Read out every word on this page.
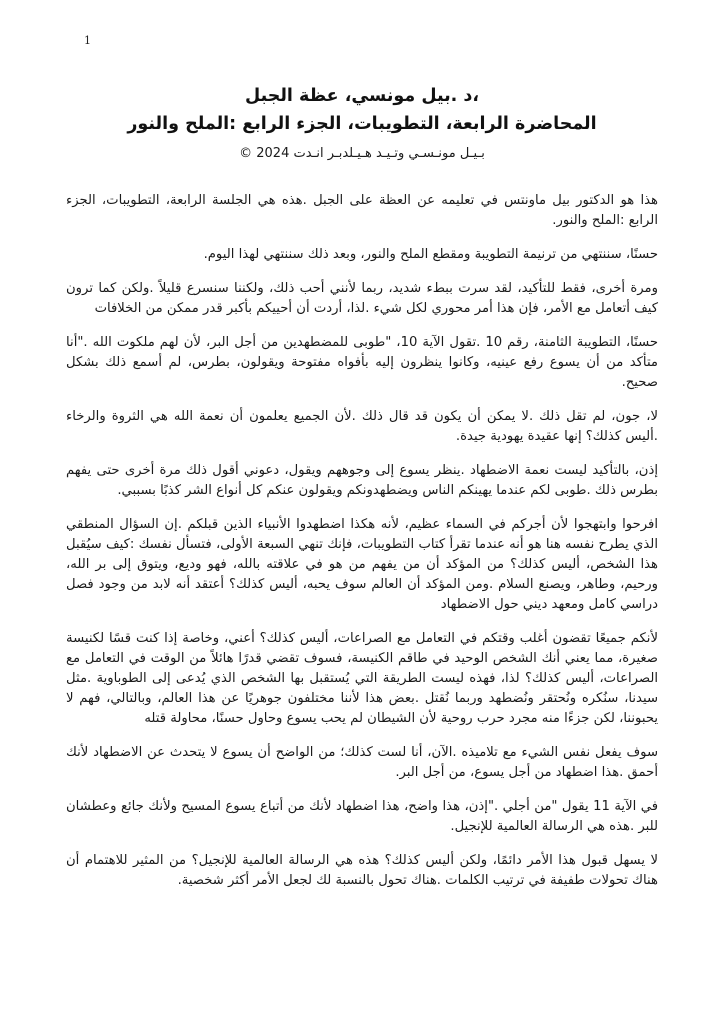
1
،د .بيل مونسي، عظة الجبل
المحاضرة الرابعة، التطويبات، الجزء الرابع :الملح والنور
بـيـل مونـسـي وتـيـد هـيـلدبـر انـدت 2024 ©

هذا هو الدكتور بيل ماونتس في تعليمه عن العظة على الجبل .هذه هي الجلسة الرابعة، التطويبات، الجزء الرابع :الملح والنور.

حسنًا، سننتهي من ترنيمة التطويبة ومقطع الملح والنور، وبعد ذلك سننتهي لهذا اليوم.

ومرة أخرى، فقط للتأكيد، لقد سرت ببطء شديد، ربما لأنني أحب ذلك، ولكننا سنسرع قليلاً .ولكن كما ترون كيف أتعامل مع الأمر، فإن هذا أمر محوري لكل شيء .لذا، أردت أن أحييكم بأكبر قدر ممكن من الخلافات

حسنًا، التطويبة الثامنة، رقم 10 .تقول الآية 10، "طوبى للمضطهدين من أجل البر، لأن لهم ملكوت الله ."أنا متأكد من أن يسوع رفع عينيه، وكانوا ينظرون إليه بأفواه مفتوحة ويقولون، بطرس، لم أسمع ذلك بشكل صحيح.

لا، جون، لم تقل ذلك .لا يمكن أن يكون قد قال ذلك .لأن الجميع يعلمون أن نعمة الله هي الثروة والرخاء .أليس كذلك؟ إنها عقيدة يهودية جيدة.

إذن، بالتأكيد ليست نعمة الاضطهاد .ينظر يسوع إلى وجوههم ويقول، دعوني أقول ذلك مرة أخرى حتى يفهم بطرس ذلك .طوبى لكم عندما يهينكم الناس ويضطهدونكم ويقولون عنكم كل أنواع الشر كذبًا بسببي.

افرحوا وابتهجوا لأن أجركم في السماء عظيم، لأنه هكذا اضطهدوا الأنبياء الذين قبلكم .إن السؤال المنطقي الذي يطرح نفسه هنا هو أنه عندما تقرأ كتاب التطويبات، فإنك تنهي السبعة الأولى، فتسأل نفسك :كيف سيُقبل هذا الشخص، أليس كذلك؟ من المؤكد أن من يفهم من هو في علاقته بالله، فهو وديع، ويتوق إلى بر الله، ورحيم، وطاهر، ويصنع السلام .ومن المؤكد أن العالم سوف يحبه، أليس كذلك؟ أعتقد أنه لابد من وجود فصل دراسي كامل ومعهد ديني حول الاضطهاد

لأنكم جميعًا تقضون أغلب وقتكم في التعامل مع الصراعات، أليس كذلك؟ أعني، وخاصة إذا كنت قسًا لكنيسة صغيرة، مما يعني أنك الشخص الوحيد في طاقم الكنيسة، فسوف تقضي قدرًا هائلاً من الوقت في التعامل مع الصراعات، أليس كذلك؟ لذا، فهذه ليست الطريقة التي يُستقبل بها الشخص الذي يُدعى إلى الطوباوية .مثل سيدنا، سنُكره ونُحتقر ونُضطهد وربما نُقتل .بعض هذا لأننا مختلفون جوهريًا عن هذا العالم، وبالتالي، فهم لا يحبوننا، لكن جزءًا منه مجرد حرب روحية لأن الشيطان لم يحب يسوع وحاول حسنًا، محاولة قتله

سوف يفعل نفس الشيء مع تلاميذه .الآن، أنا لست كذلك؛ من الواضح أن يسوع لا يتحدث عن الاضطهاد لأنك أحمق .هذا اضطهاد من أجل يسوع، من أجل البر.

في الآية 11 يقول "من أجلي ."إذن، هذا واضح، هذا اضطهاد لأنك من أتباع يسوع المسيح ولأنك جائع وعطشان للبر .هذه هي الرسالة العالمية للإنجيل.

لا يسهل قبول هذا الأمر دائمًا، ولكن أليس كذلك؟ هذه هي الرسالة العالمية للإنجيل؟ من المثير للاهتمام أن هناك تحولات طفيفة في ترتيب الكلمات .هناك تحول بالنسبة لك لجعل الأمر أكثر شخصية.
